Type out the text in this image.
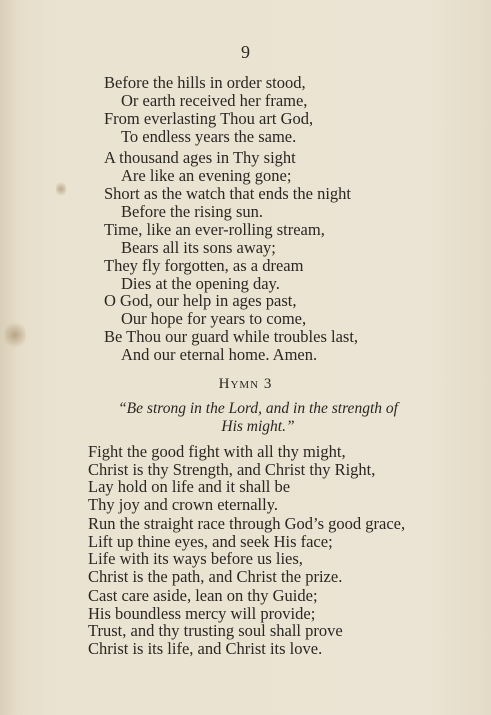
9
Before the hills in order stood,
Or earth received her frame,
From everlasting Thou art God,
To endless years the same.
A thousand ages in Thy sight
Are like an evening gone;
Short as the watch that ends the night
Before the rising sun.
Time, like an ever-rolling stream,
Bears all its sons away;
They fly forgotten, as a dream
Dies at the opening day.
O God, our help in ages past,
Our hope for years to come,
Be Thou our guard while troubles last,
And our eternal home. Amen.
Hymn 3
“Be strong in the Lord, and in the strength of
His might.”
Fight the good fight with all thy might,
Christ is thy Strength, and Christ thy Right,
Lay hold on life and it shall be
Thy joy and crown eternally.
Run the straight race through God’s good grace,
Lift up thine eyes, and seek His face;
Life with its ways before us lies,
Christ is the path, and Christ the prize.
Cast care aside, lean on thy Guide;
His boundless mercy will provide;
Trust, and thy trusting soul shall prove
Christ is its life, and Christ its love.
